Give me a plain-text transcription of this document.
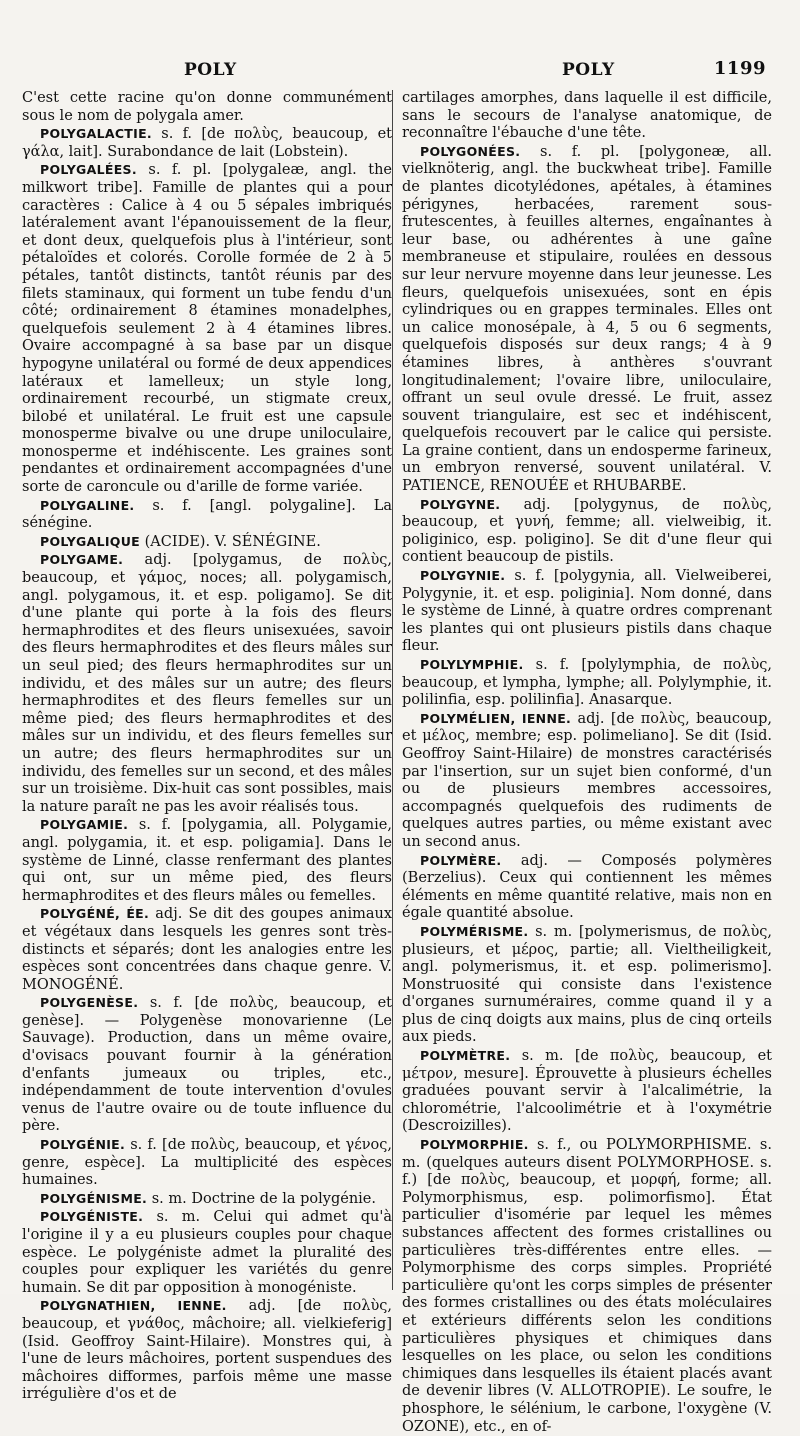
POLY	POLY	1199

C'est cette racine qu'on donne communément sous le nom de polygala amer.

POLYGALACTIE. s. f. [de πολὺς, beaucoup, et γάλα, lait]. Surabondance de lait (Lobstein).

POLYGALÉES. s. f. pl. [polygaleæ, angl. the milkwort tribe]. Famille de plantes qui a pour caractères : Calice à 4 ou 5 sépales imbriqués latéralement avant l'épanouissement de la fleur, et dont deux, quelquefois plus à l'intérieur, sont pétaloïdes et colorés. Corolle formée de 2 à 5 pétales, tantôt distincts, tantôt réunis par des filets staminaux, qui forment un tube fendu d'un côté; ordinairement 8 étamines monadelphes, quelquefois seulement 2 à 4 étamines libres. Ovaire accompagné à sa base par un disque hypogyne unilatéral ou formé de deux appendices latéraux et lamelleux; un style long, ordinairement recourbé, un stigmate creux, bilobé et unilatéral. Le fruit est une capsule monosperme bivalve ou une drupe uniloculaire, monosperme et indéhiscente. Les graines sont pendantes et ordinairement accompagnées d'une sorte de caroncule ou d'arille de forme variée.

POLYGALINE. s. f. [angl. polygaline]. La sénégine.

POLYGALIQUE (ACIDE). V. SÉNÉGINE.

POLYGAME. adj. [polygamus, de πολὺς, beaucoup, et γάμος, noces; all. polygamisch, angl. polygamous, it. et esp. poligamo]. Se dit d'une plante qui porte à la fois des fleurs hermaphrodites et des fleurs unisexuées, savoir des fleurs hermaphrodites et des fleurs mâles sur un seul pied; des fleurs hermaphrodites sur un individu, et des mâles sur un autre; des fleurs hermaphrodites et des fleurs femelles sur un même pied; des fleurs hermaphrodites et des mâles sur un individu, et des fleurs femelles sur un autre; des fleurs hermaphrodites sur un individu, des femelles sur un second, et des mâles sur un troisième. Dix-huit cas sont possibles, mais la nature paraît ne pas les avoir réalisés tous.

POLYGAMIE. s. f. [polygamia, all. Polygamie, angl. polygamia, it. et esp. poligamia]. Dans le système de Linné, classe renfermant des plantes qui ont, sur un même pied, des fleurs hermaphrodites et des fleurs mâles ou femelles.

POLYGÉNÉ, ÉE. adj. Se dit des goupes animaux et végétaux dans lesquels les genres sont très-distincts et séparés; dont les analogies entre les espèces sont concentrées dans chaque genre. V. MONOGÉNÉ.

POLYGENÈSE. s. f. [de πολὺς, beaucoup, et genèse]. — Polygenèse monovarienne (Le Sauvage). Production, dans un même ovaire, d'ovisacs pouvant fournir à la génération d'enfants jumeaux ou triples, etc., indépendamment de toute intervention d'ovules venus de l'autre ovaire ou de toute influence du père.

POLYGÉNIE. s. f. [de πολὺς, beaucoup, et γένος, genre, espèce]. La multiplicité des espèces humaines.

POLYGÉNISME. s. m. Doctrine de la polygénie.

POLYGÉNISTE. s. m. Celui qui admet qu'à l'origine il y a eu plusieurs couples pour chaque espèce. Le polygéniste admet la pluralité des couples pour expliquer les variétés du genre humain. Se dit par opposition à monogéniste.

POLYGNATHIEN, IENNE. adj. [de πολὺς, beaucoup, et γνάθος, mâchoire; all. vielkieferig] (Isid. Geoffroy Saint-Hilaire). Monstres qui, à l'une de leurs mâchoires, portent suspendues des mâchoires difformes, parfois même une masse irrégulière d'os et de

cartilages amorphes, dans laquelle il est difficile, sans le secours de l'analyse anatomique, de reconnaître l'ébauche d'une tête.

POLYGONÉES. s. f. pl. [polygoneæ, all. vielknöterig, angl. the buckwheat tribe]. Famille de plantes dicotylédones, apétales, à étamines périgynes, herbacées, rarement sous-frutescentes, à feuilles alternes, engaînantes à leur base, ou adhérentes à une gaîne membraneuse et stipulaire, roulées en dessous sur leur nervure moyenne dans leur jeunesse. Les fleurs, quelquefois unisexuées, sont en épis cylindriques ou en grappes terminales. Elles ont un calice monosépale, à 4, 5 ou 6 segments, quelquefois disposés sur deux rangs; 4 à 9 étamines libres, à anthères s'ouvrant longitudinalement; l'ovaire libre, uniloculaire, offrant un seul ovule dressé. Le fruit, assez souvent triangulaire, est sec et indéhiscent, quelquefois recouvert par le calice qui persiste. La graine contient, dans un endosperme farineux, un embryon renversé, souvent unilatéral. V. PATIENCE, RENOUÉE et RHUBARBE.

POLYGYNE. adj. [polygynus, de πολὺς, beaucoup, et γυνή, femme; all. vielweibig, it. poliginico, esp. poligino]. Se dit d'une fleur qui contient beaucoup de pistils.

POLYGYNIE. s. f. [polygynia, all. Vielweiberei, Polygynie, it. et esp. poliginia]. Nom donné, dans le système de Linné, à quatre ordres comprenant les plantes qui ont plusieurs pistils dans chaque fleur.

POLYLYMPHIE. s. f. [polylymphia, de πολὺς, beaucoup, et lympha, lymphe; all. Polylymphie, it. polilinfia, esp. polilinfia]. Anasarque.

POLYMÉLIEN, IENNE. adj. [de πολὺς, beaucoup, et μέλος, membre; esp. polimeliano]. Se dit (Isid. Geoffroy Saint-Hilaire) de monstres caractérisés par l'insertion, sur un sujet bien conformé, d'un ou de plusieurs membres accessoires, accompagnés quelquefois des rudiments de quelques autres parties, ou même existant avec un second anus.

POLYMÈRE. adj. — Composés polymères (Berzelius). Ceux qui contiennent les mêmes éléments en même quantité relative, mais non en égale quantité absolue.

POLYMÉRISME. s. m. [polymerismus, de πολὺς, plusieurs, et μέρος, partie; all. Vieltheiligkeit, angl. polymerismus, it. et esp. polimerismo]. Monstruosité qui consiste dans l'existence d'organes surnuméraires, comme quand il y a plus de cinq doigts aux mains, plus de cinq orteils aux pieds.

POLYMÈTRE. s. m. [de πολὺς, beaucoup, et μέτρον, mesure]. Éprouvette à plusieurs échelles graduées pouvant servir à l'alcalimétrie, la chlorométrie, l'alcoolimétrie et à l'oxymétrie (Descroizilles).

POLYMORPHIE. s. f., ou POLYMORPHISME. s. m. (quelques auteurs disent POLYMORPHOSE. s. f.) [de πολὺς, beaucoup, et μορφή, forme; all. Polymorphismus, esp. polimorfismo]. État particulier d'isomérie par lequel les mêmes substances affectent des formes cristallines ou particulières très-différentes entre elles. — Polymorphisme des corps simples. Propriété particulière qu'ont les corps simples de présenter des formes cristallines ou des états moléculaires et extérieurs différents selon les conditions particulières physiques et chimiques dans lesquelles on les place, ou selon les conditions chimiques dans lesquelles ils étaient placés avant de devenir libres (V. ALLOTROPIE). Le soufre, le phosphore, le sélénium, le carbone, l'oxygène (V. OZONE), etc., en of-
